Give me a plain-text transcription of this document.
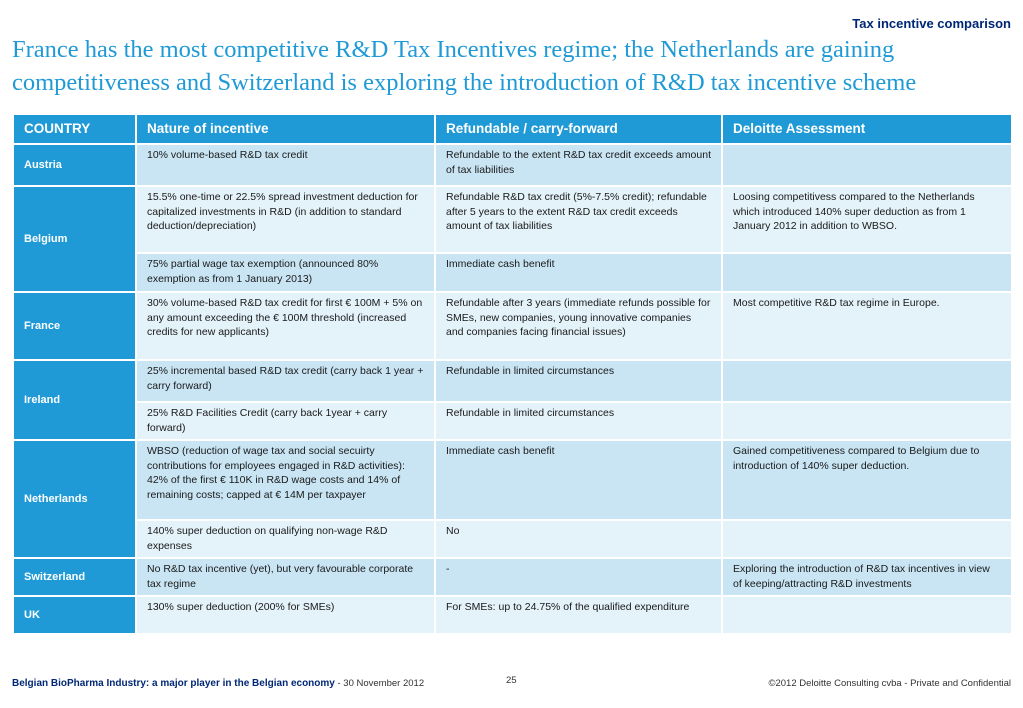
Tax incentive comparison
France has the most competitive R&D Tax Incentives regime; the Netherlands are gaining competitiveness and Switzerland is exploring the introduction of R&D tax incentive scheme
COUNTRY	Nature of incentive	Refundable / carry-forward	Deloitte Assessment
Austria	10% volume-based R&D tax credit	Refundable to the extent R&D tax credit exceeds amount of tax liabilities	
Belgium	15.5% one-time or 22.5% spread investment deduction for capitalized investments in R&D (in addition to standard deduction/depreciation)	Refundable R&D tax credit (5%-7.5% credit); refundable after 5 years to the extent R&D tax credit exceeds amount of tax liabilities	Loosing competitivess compared to the Netherlands which introduced 140% super deduction as from 1 January 2012 in addition to WBSO.
	75% partial wage tax exemption (announced 80% exemption as from 1 January 2013)	Immediate cash benefit	
France	30% volume-based R&D tax credit for first € 100M + 5% on any amount exceeding the € 100M threshold (increased credits for new applicants)	Refundable after 3 years (immediate refunds possible for SMEs, new companies, young innovative companies and companies facing financial issues)	Most competitive R&D tax regime in Europe.
Ireland	25% incremental based R&D tax credit (carry back 1 year + carry forward)	Refundable in limited circumstances	
	25% R&D Facilities Credit (carry back 1year + carry forward)	Refundable in limited circumstances	
Netherlands	WBSO (reduction of wage tax and social secuirty contributions for employees engaged in R&D activities): 42% of the first € 110K in R&D wage costs and 14% of remaining costs; capped at € 14M per taxpayer	Immediate cash benefit	Gained competitiveness compared to Belgium due to introduction of 140% super deduction.
	140% super deduction on qualifying non-wage R&D expenses	No	
Switzerland	No R&D tax incentive (yet), but very favourable corporate tax regime	-	Exploring the introduction of R&D tax incentives in view of keeping/attracting R&D investments
UK	130% super deduction (200% for SMEs)	For SMEs: up to 24.75% of the qualified expenditure	
Belgian BioPharma Industry: a major player in the Belgian economy - 30 November 2012	25	©2012 Deloitte Consulting cvba - Private and Confidential
